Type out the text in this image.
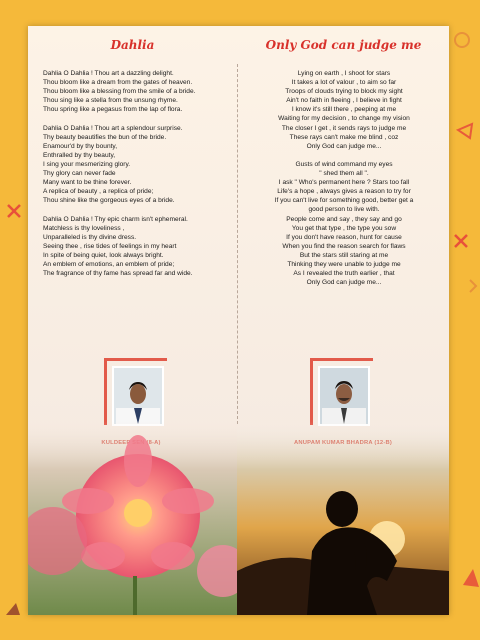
Dahlia
Dahlia O Dahlia ! Thou art a dazzling delight.
Thou bloom like a dream from the gates of heaven.
Thou bloom like a blessing from the smile of a bride.
Thou sing like a stella from the unsung rhyme.
Thou spring like a pegasus from the lap of flora.
Dahlia O Dahlia ! Thou art a splendour surprise.
Thy beauty beautifies the bun of the bride.
Enamour'd by thy bounty,
Enthralled by thy beauty,
I sing your mesmerizing glory.
Thy glory can never fade
Many want to be thine forever.
A replica of beauty , a replica of pride;
Thou shine like the gorgeous eyes of a bride.
Dahlia O Dahlia ! Thy epic charm isn't ephemeral.
Matchless is thy loveliness ,
Unparalleled is thy divine dress.
Seeing thee , rise tides of feelings in my heart
In spite of being quiet, look always bright.
An emblem of emotions, an emblem of pride;
The fragrance of thy fame has spread far and wide.
Only God can judge me
Lying on earth , I shoot for stars
It takes a lot of valour , to aim so far
Troops of clouds trying to block my sight
Ain't no faith in fleeing , I believe in fight
I know it's still there , peeping at me
Waiting for my decision , to change my vision
The closer I get , it sends rays to judge me
These rays can't make me blind , coz
Only God can judge me...
Gusts of wind command my eyes
" shed them all ".
I ask " Who's permanent here ? Stars too fall
Life's a hope , always gives a reason to try for
If you can't live for something good, better get a
good person to live with.
People come and say , they say and go
You get that type , the type you sow
If you don't have reason, hunt for cause
When you find the reason search for flaws
But the stars still staring at me
Thinking they were unable to judge me
As I revealed the truth earlier , that
Only God can judge me...
